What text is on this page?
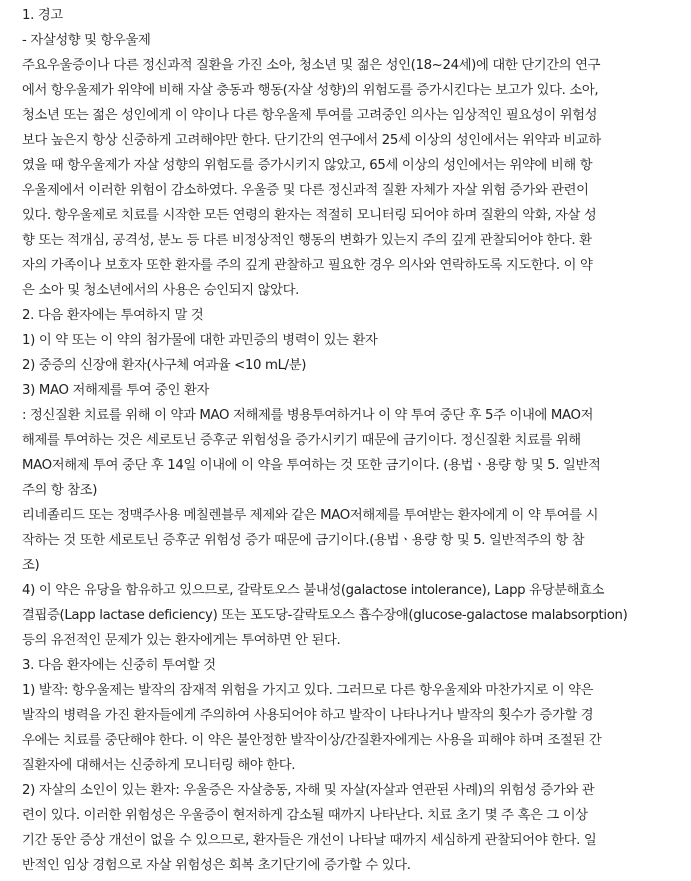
1. 경고
- 자살성향 및 항우울제
주요우울증이나 다른 정신과적 질환을 가진 소아, 청소년 및 젊은 성인(18~24세)에 대한 단기간의 연구
에서 항우울제가 위약에 비해 자살 충동과 행동(자살 성향)의 위험도를 증가시킨다는 보고가 있다. 소아,
청소년 또는 젊은 성인에게 이 약이나 다른 항우울제 투여를 고려중인 의사는 임상적인 필요성이 위험성
보다 높은지 항상 신중하게 고려해야만 한다. 단기간의 연구에서 25세 이상의 성인에서는 위약과 비교하
였을 때 항우울제가 자살 성향의 위험도를 증가시키지 않았고, 65세 이상의 성인에서는 위약에 비해 항
우울제에서 이러한 위험이 감소하였다. 우울증 및 다른 정신과적 질환 자체가 자살 위험 증가와 관련이
있다. 항우울제로 치료를 시작한 모든 연령의 환자는 적절히 모니터링 되어야 하며 질환의 악화, 자살 성
향 또는 적개심, 공격성, 분노 등 다른 비정상적인 행동의 변화가 있는지 주의 깊게 관찰되어야 한다. 환
자의 가족이나 보호자 또한 환자를 주의 깊게 관찰하고 필요한 경우 의사와 연락하도록 지도한다. 이 약
은 소아 및 청소년에서의 사용은 승인되지 않았다.
2. 다음 환자에는 투여하지 말 것
1) 이 약 또는 이 약의 첨가물에 대한 과민증의 병력이 있는 환자
2) 중증의 신장애 환자(사구체 여과율 <10 mL/분)
3) MAO 저해제를 투여 중인 환자
: 정신질환 치료를 위해 이 약과 MAO 저해제를 병용투여하거나 이 약 투여 중단 후 5주 이내에 MAO저
해제를 투여하는 것은 세로토닌 증후군 위험성을 증가시키기 때문에 금기이다. 정신질환 치료를 위해
MAO저해제 투여 중단 후 14일 이내에 이 약을 투여하는 것 또한 금기이다. (용법ㆍ용량 항 및 5. 일반적
주의 항 참조)
리네졸리드 또는 정맥주사용 메칠렌블루 제제와 같은 MAO저해제를 투여받는 환자에게 이 약 투여를 시
작하는 것 또한 세로토닌 증후군 위험성 증가 때문에 금기이다.(용법ㆍ용량 항 및 5. 일반적주의 항 참
조)
4) 이 약은 유당을 함유하고 있으므로, 갈락토오스 불내성(galactose intolerance), Lapp 유당분해효소
결핍증(Lapp lactase deficiency) 또는 포도당-갈락토오스 흡수장애(glucose-galactose malabsorption)
등의 유전적인 문제가 있는 환자에게는 투여하면 안 된다.
3. 다음 환자에는 신중히 투여할 것
1) 발작: 항우울제는 발작의 잠재적 위험을 가지고 있다. 그러므로 다른 항우울제와 마찬가지로 이 약은
발작의 병력을 가진 환자들에게 주의하여 사용되어야 하고 발작이 나타나거나 발작의 횟수가 증가할 경
우에는 치료를 중단해야 한다. 이 약은 불안정한 발작이상/간질환자에게는 사용을 피해야 하며 조절된 간
질환자에 대해서는 신중하게 모니터링 해야 한다.
2) 자살의 소인이 있는 환자: 우울증은 자살충동, 자해 및 자살(자살과 연관된 사례)의 위험성 증가와 관
련이 있다. 이러한 위험성은 우울증이 현저하게 감소될 때까지 나타난다. 치료 초기 몇 주 혹은 그 이상
기간 동안 증상 개선이 없을 수 있으므로, 환자들은 개선이 나타날 때까지 세심하게 관찰되어야 한다. 일
반적인 임상 경험으로 자살 위험성은 회복 초기단기에 증가할 수 있다.
